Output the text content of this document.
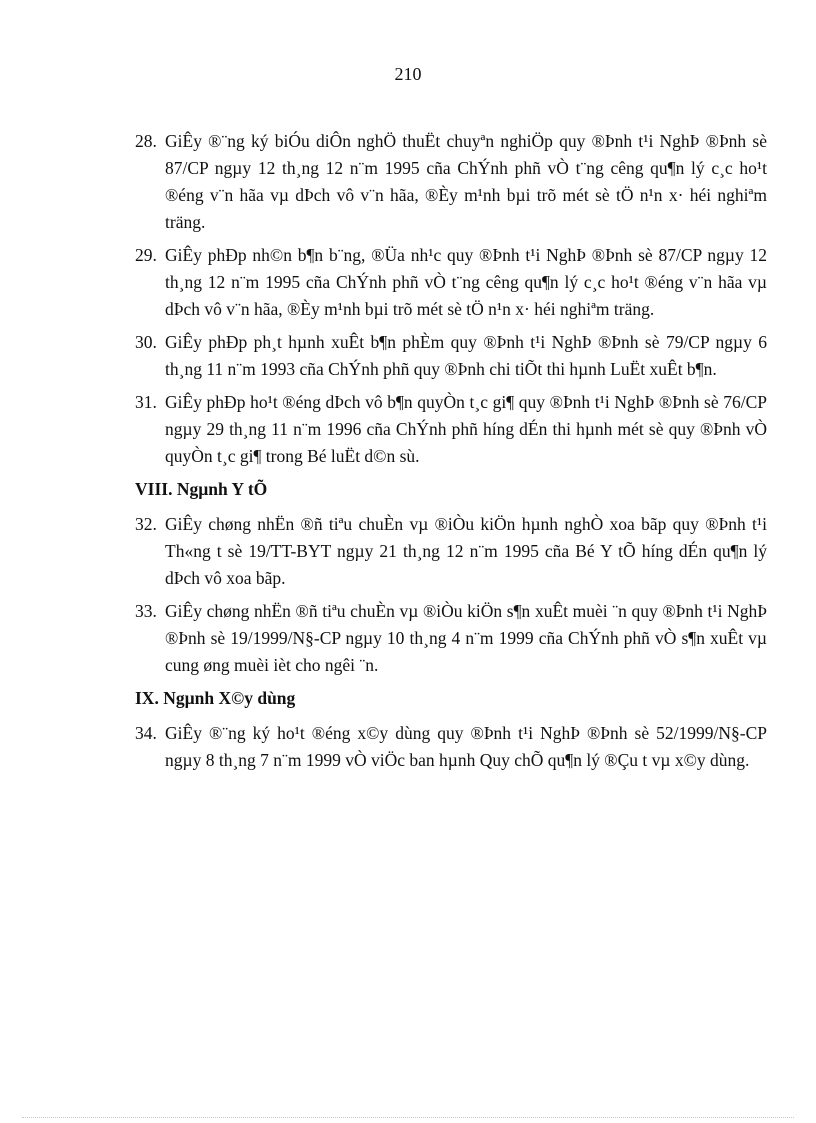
210
28. GiÊy ®¨ng ký biÓu diÔn nghÖ thuËt chuyªn nghiÖp quy ®Þnh t¹i NghÞ ®Þnh sè 87/CP ngµy 12 th¸ng 12 n¨m 1995 cña ChÝnh phñ vÒ t¨ng cêng qu¶n lý c¸c ho¹t ®éng v¨n hãa vµ dÞch vô v¨n hãa, ®Èy m¹nh bµi trõ mét sè tÖ n¹n x· héi nghiªm träng.
29. GiÊy phÐp nh©n b¶n b¨ng, ®Üa nh¹c quy ®Þnh t¹i NghÞ ®Þnh sè 87/CP ngµy 12 th¸ng 12 n¨m 1995 cña ChÝnh phñ vÒ t¨ng cêng qu¶n lý c¸c ho¹t ®éng v¨n hãa vµ dÞch vô v¨n hãa, ®Èy m¹nh bµi trõ mét sè tÖ n¹n x· héi nghiªm träng.
30. GiÊy phÐp ph¸t hµnh xuÊt b¶n phÈm quy ®Þnh t¹i NghÞ ®Þnh sè 79/CP ngµy 6 th¸ng 11 n¨m 1993 cña ChÝnh phñ quy ®Þnh chi tiÕt thi hµnh LuËt xuÊt b¶n.
31. GiÊy phÐp ho¹t ®éng dÞch vô b¶n quyÒn t¸c gi¶ quy ®Þnh t¹i NghÞ ®Þnh sè 76/CP ngµy 29 th¸ng 11 n¨m 1996 cña ChÝnh phñ híng dÉn thi hµnh mét sè quy ®Þnh vÒ quyÒn t¸c gi¶ trong Bé luËt d©n sù.
VIII. Ngµnh Y tÕ
32. GiÊy chøng nhËn ®ñ tiªu chuÈn vµ ®iÒu kiÖn hµnh nghÒ xoa bãp quy ®Þnh t¹i Th«ng t sè 19/TT-BYT ngµy 21 th¸ng 12 n¨m 1995 cña Bé Y tÕ híng dÉn qu¶n lý dÞch vô xoa bãp.
33. GiÊy chøng nhËn ®ñ tiªu chuÈn vµ ®iÒu kiÖn s¶n xuÊt muèi ¨n quy ®Þnh t¹i NghÞ ®Þnh sè 19/1999/N§-CP ngµy 10 th¸ng 4 n¨m 1999 cña ChÝnh phñ vÒ s¶n xuÊt vµ cung øng muèi ièt cho ngêi ¨n.
IX. Ngµnh X©y dùng
34. GiÊy ®¨ng ký ho¹t ®éng x©y dùng quy ®Þnh t¹i NghÞ ®Þnh sè 52/1999/N§-CP ngµy 8 th¸ng 7 n¨m 1999 vÒ viÖc ban hµnh Quy chÕ qu¶n lý ®Çu t vµ x©y dùng.
